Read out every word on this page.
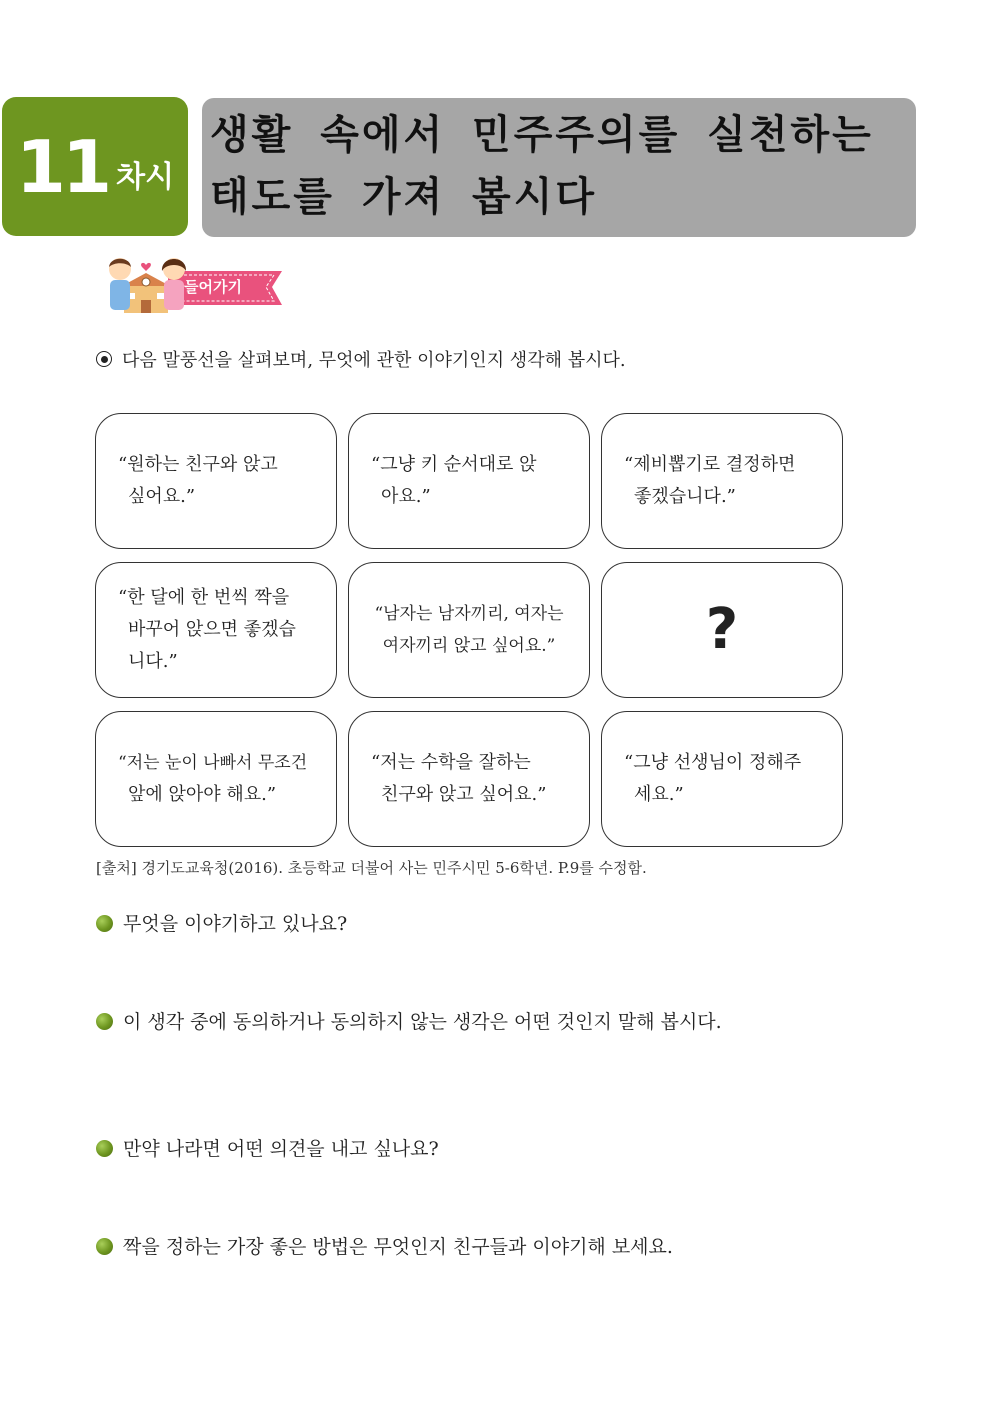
11 차시
생활 속에서 민주주의를 실천하는
태도를 가져 봅시다
들어가기
다음 말풍선을 살펴보며, 무엇에 관한 이야기인지 생각해 봅시다.
“원하는 친구와 앉고
싶어요.”
“그냥 키 순서대로 앉
아요.”
“제비뽑기로 결정하면
좋겠습니다.”
“한 달에 한 번씩 짝을
바꾸어 앉으면 좋겠습
니다.”
“남자는 남자끼리, 여자는
여자끼리 앉고 싶어요.”	?
“저는 눈이 나빠서 무조건
앞에 앉아야 해요.”
“저는 수학을 잘하는
친구와 앉고 싶어요.”
“그냥 선생님이 정해주
세요.”
[출처] 경기도교육청(2016). 초등학교 더불어 사는 민주시민 5-6학년. P.9를 수정함.
무엇을 이야기하고 있나요?
이 생각 중에 동의하거나 동의하지 않는 생각은 어떤 것인지 말해 봅시다.
만약 나라면 어떤 의견을 내고 싶나요?
짝을 정하는 가장 좋은 방법은 무엇인지 친구들과 이야기해 보세요.
